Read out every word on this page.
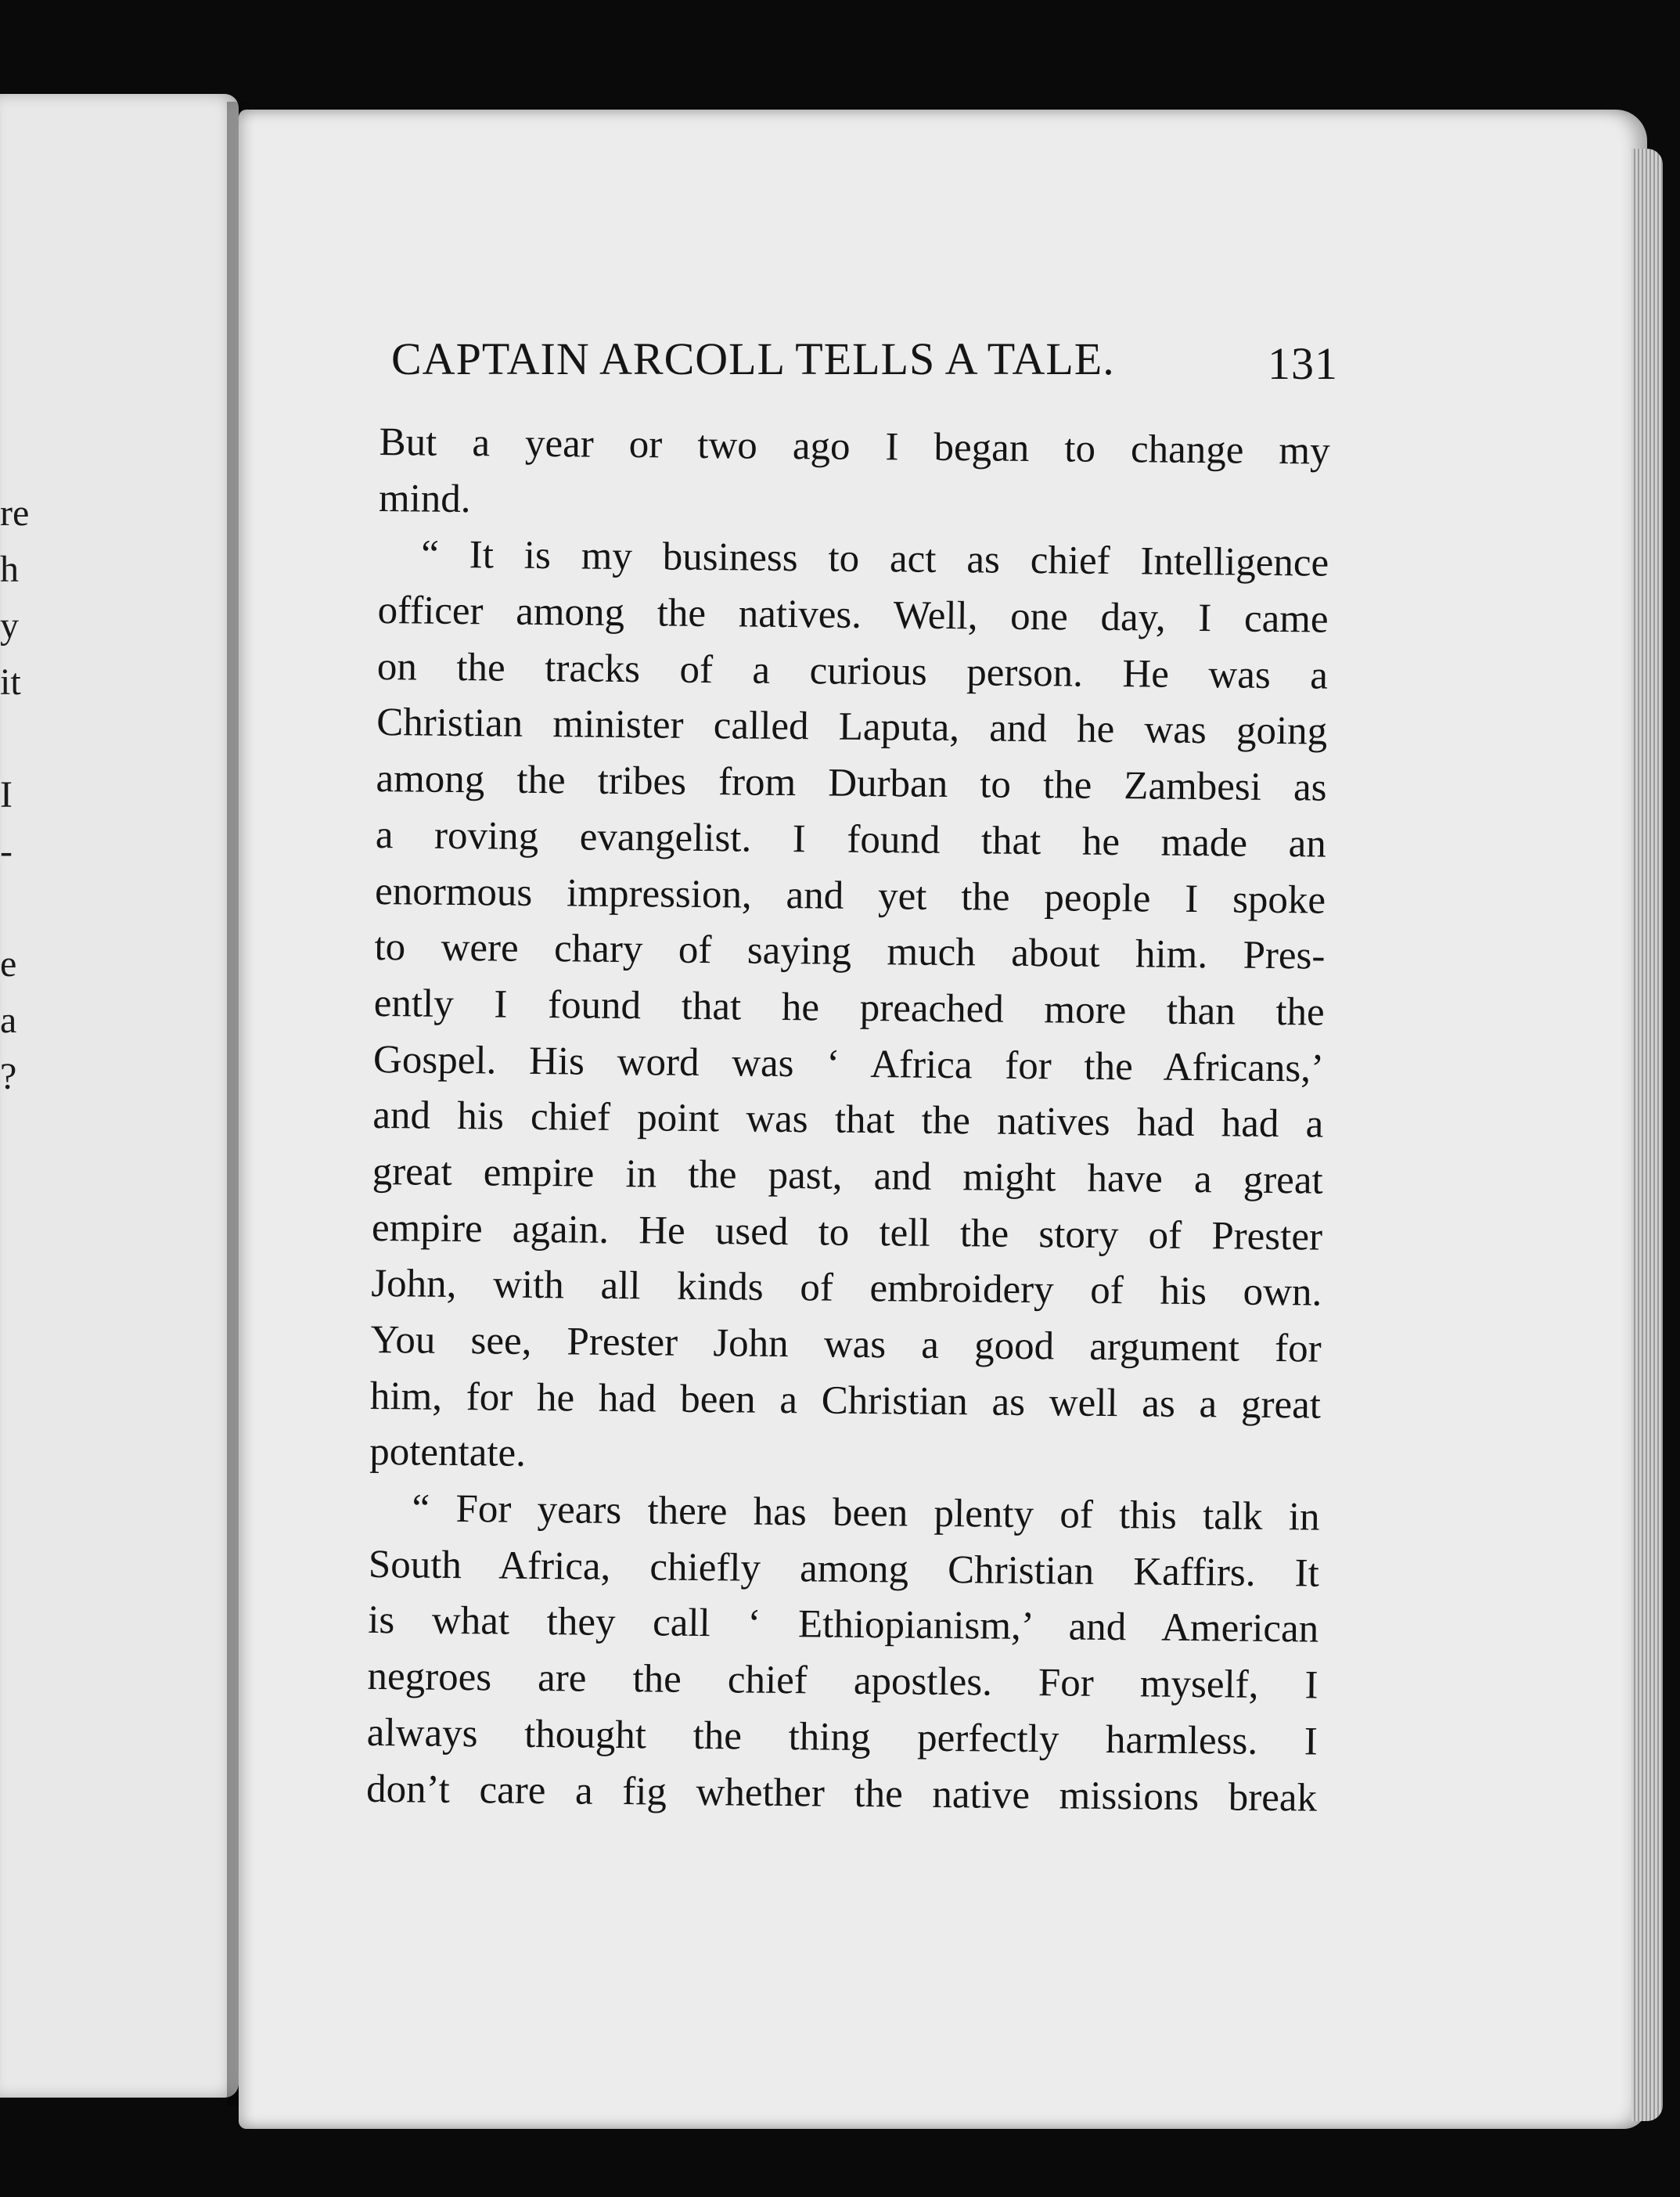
re
h
y
it
I
-
e
a
?
CAPTAIN ARCOLL TELLS A TALE.	131
But a year or two ago I began to change my
mind.
“ It is my business to act as chief Intelligence
officer among the natives. Well, one day, I came
on the tracks of a curious person. He was a
Christian minister called Laputa, and he was going
among the tribes from Durban to the Zambesi as
a roving evangelist. I found that he made an
enormous impression, and yet the people I spoke
to were chary of saying much about him. Pres-
ently I found that he preached more than the
Gospel. His word was ‘ Africa for the Africans,’
and his chief point was that the natives had had a
great empire in the past, and might have a great
empire again. He used to tell the story of Prester
John, with all kinds of embroidery of his own.
You see, Prester John was a good argument for
him, for he had been a Christian as well as a great
potentate.
“ For years there has been plenty of this talk in
South Africa, chiefly among Christian Kaffirs. It
is what they call ‘ Ethiopianism,’ and American
negroes are the chief apostles. For myself, I
always thought the thing perfectly harmless. I
don’t care a fig whether the native missions break
